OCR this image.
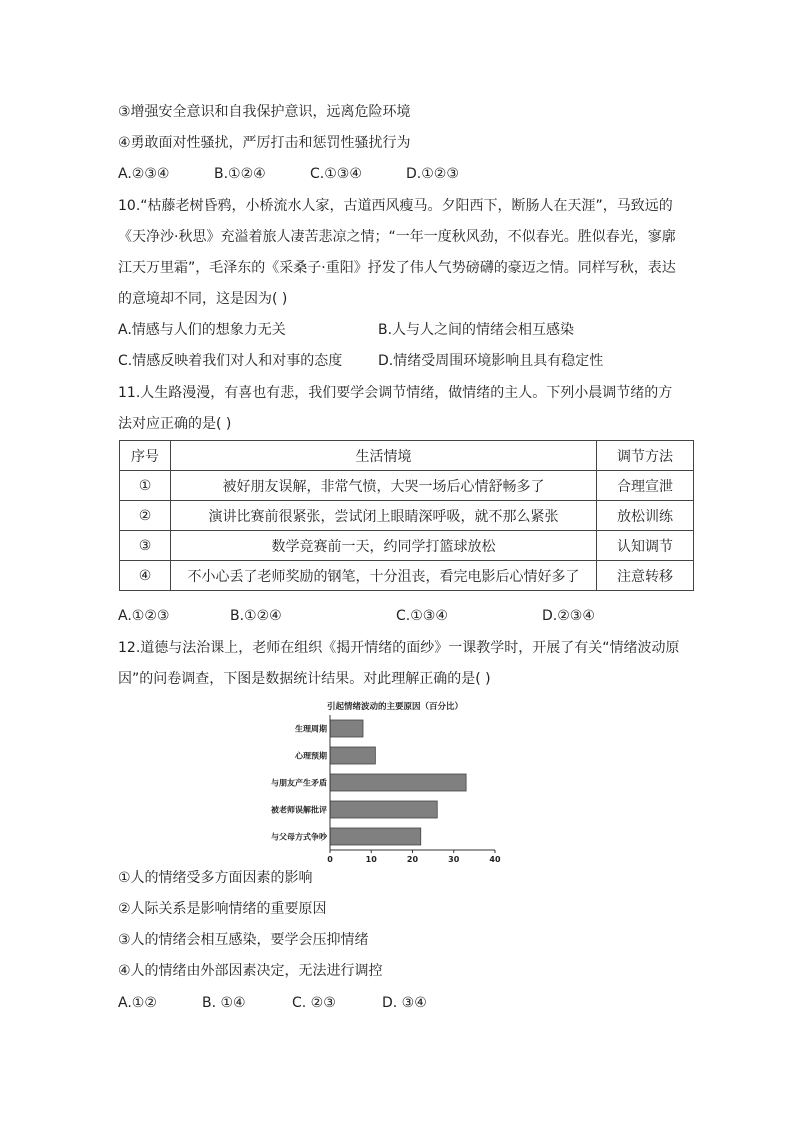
③增强安全意识和自我保护意识，远离危险环境
④勇敢面对性骚扰，严厉打击和惩罚性骚扰行为
A.②③④	B.①②④	C.①③④	D.①②③
10.“枯藤老树昏鸦，小桥流水人家，古道西风瘦马。夕阳西下，断肠人在天涯”，马致远的
《天净沙·秋思》充溢着旅人凄苦悲凉之情；“一年一度秋风劲，不似春光。胜似春光，寥廓
江天万里霜”，毛泽东的《采桑子·重阳》抒发了伟人气势磅礴的豪迈之情。同样写秋，表达
的意境却不同，这是因为( )
A.情感与人们的想象力无关	B.人与人之间的情绪会相互感染
C.情感反映着我们对人和对事的态度	D.情绪受周围环境影响且具有稳定性
11.人生路漫漫，有喜也有悲，我们要学会调节情绪，做情绪的主人。下列小晨调节绪的方
法对应正确的是( )
序号	生活情境	调节方法
①	被好朋友误解，非常气愤，大哭一场后心情舒畅多了	合理宣泄
②	演讲比赛前很紧张，尝试闭上眼睛深呼吸，就不那么紧张	放松训练
③	数学竞赛前一天，约同学打篮球放松	认知调节
④	不小心丢了老师奖励的钢笔，十分沮丧，看完电影后心情好多了	注意转移
A.①②③	B.①②④	C.①③④	D.②③④
12.道德与法治课上，老师在组织《揭开情绪的面纱》一课教学时，开展了有关“情绪波动原
因”的问卷调查，下图是数据统计结果。对此理解正确的是( )
引起情绪波动的主要原因（百分比）
生理周期
心理预期
与朋友产生矛盾
被老师误解批评
与父母方式争吵
0	10	20	30	40
①人的情绪受多方面因素的影响
②人际关系是影响情绪的重要原因
③人的情绪会相互感染，要学会压抑情绪
④人的情绪由外部因素决定，无法进行调控
A.①②	B. ①④	C. ②③	D. ③④
